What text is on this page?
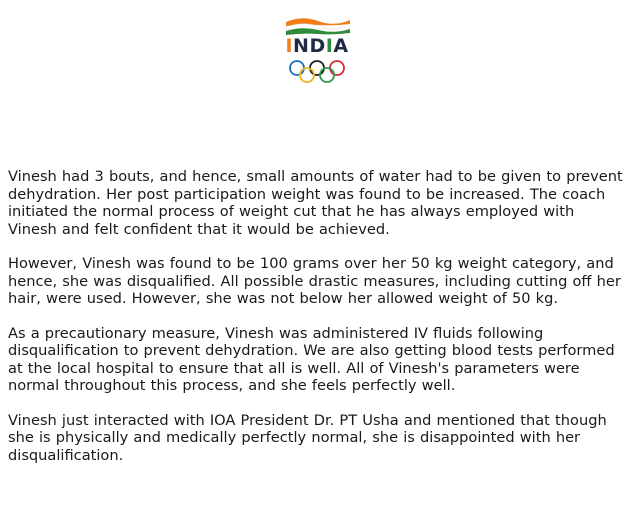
INDIA

Vinesh had 3 bouts, and hence, small amounts of water had to be given to prevent dehydration. Her post participation weight was found to be increased. The coach initiated the normal process of weight cut that he has always employed with Vinesh and felt confident that it would be achieved.

However, Vinesh was found to be 100 grams over her 50 kg weight category, and hence, she was disqualified. All possible drastic measures, including cutting off her hair, were used. However, she was not below her allowed weight of 50 kg.

As a precautionary measure, Vinesh was administered IV fluids following disqualification to prevent dehydration. We are also getting blood tests performed at the local hospital to ensure that all is well. All of Vinesh's parameters were normal throughout this process, and she feels perfectly well.

Vinesh just interacted with IOA President Dr. PT Usha and mentioned that though she is physically and medically perfectly normal, she is disappointed with her disqualification.
